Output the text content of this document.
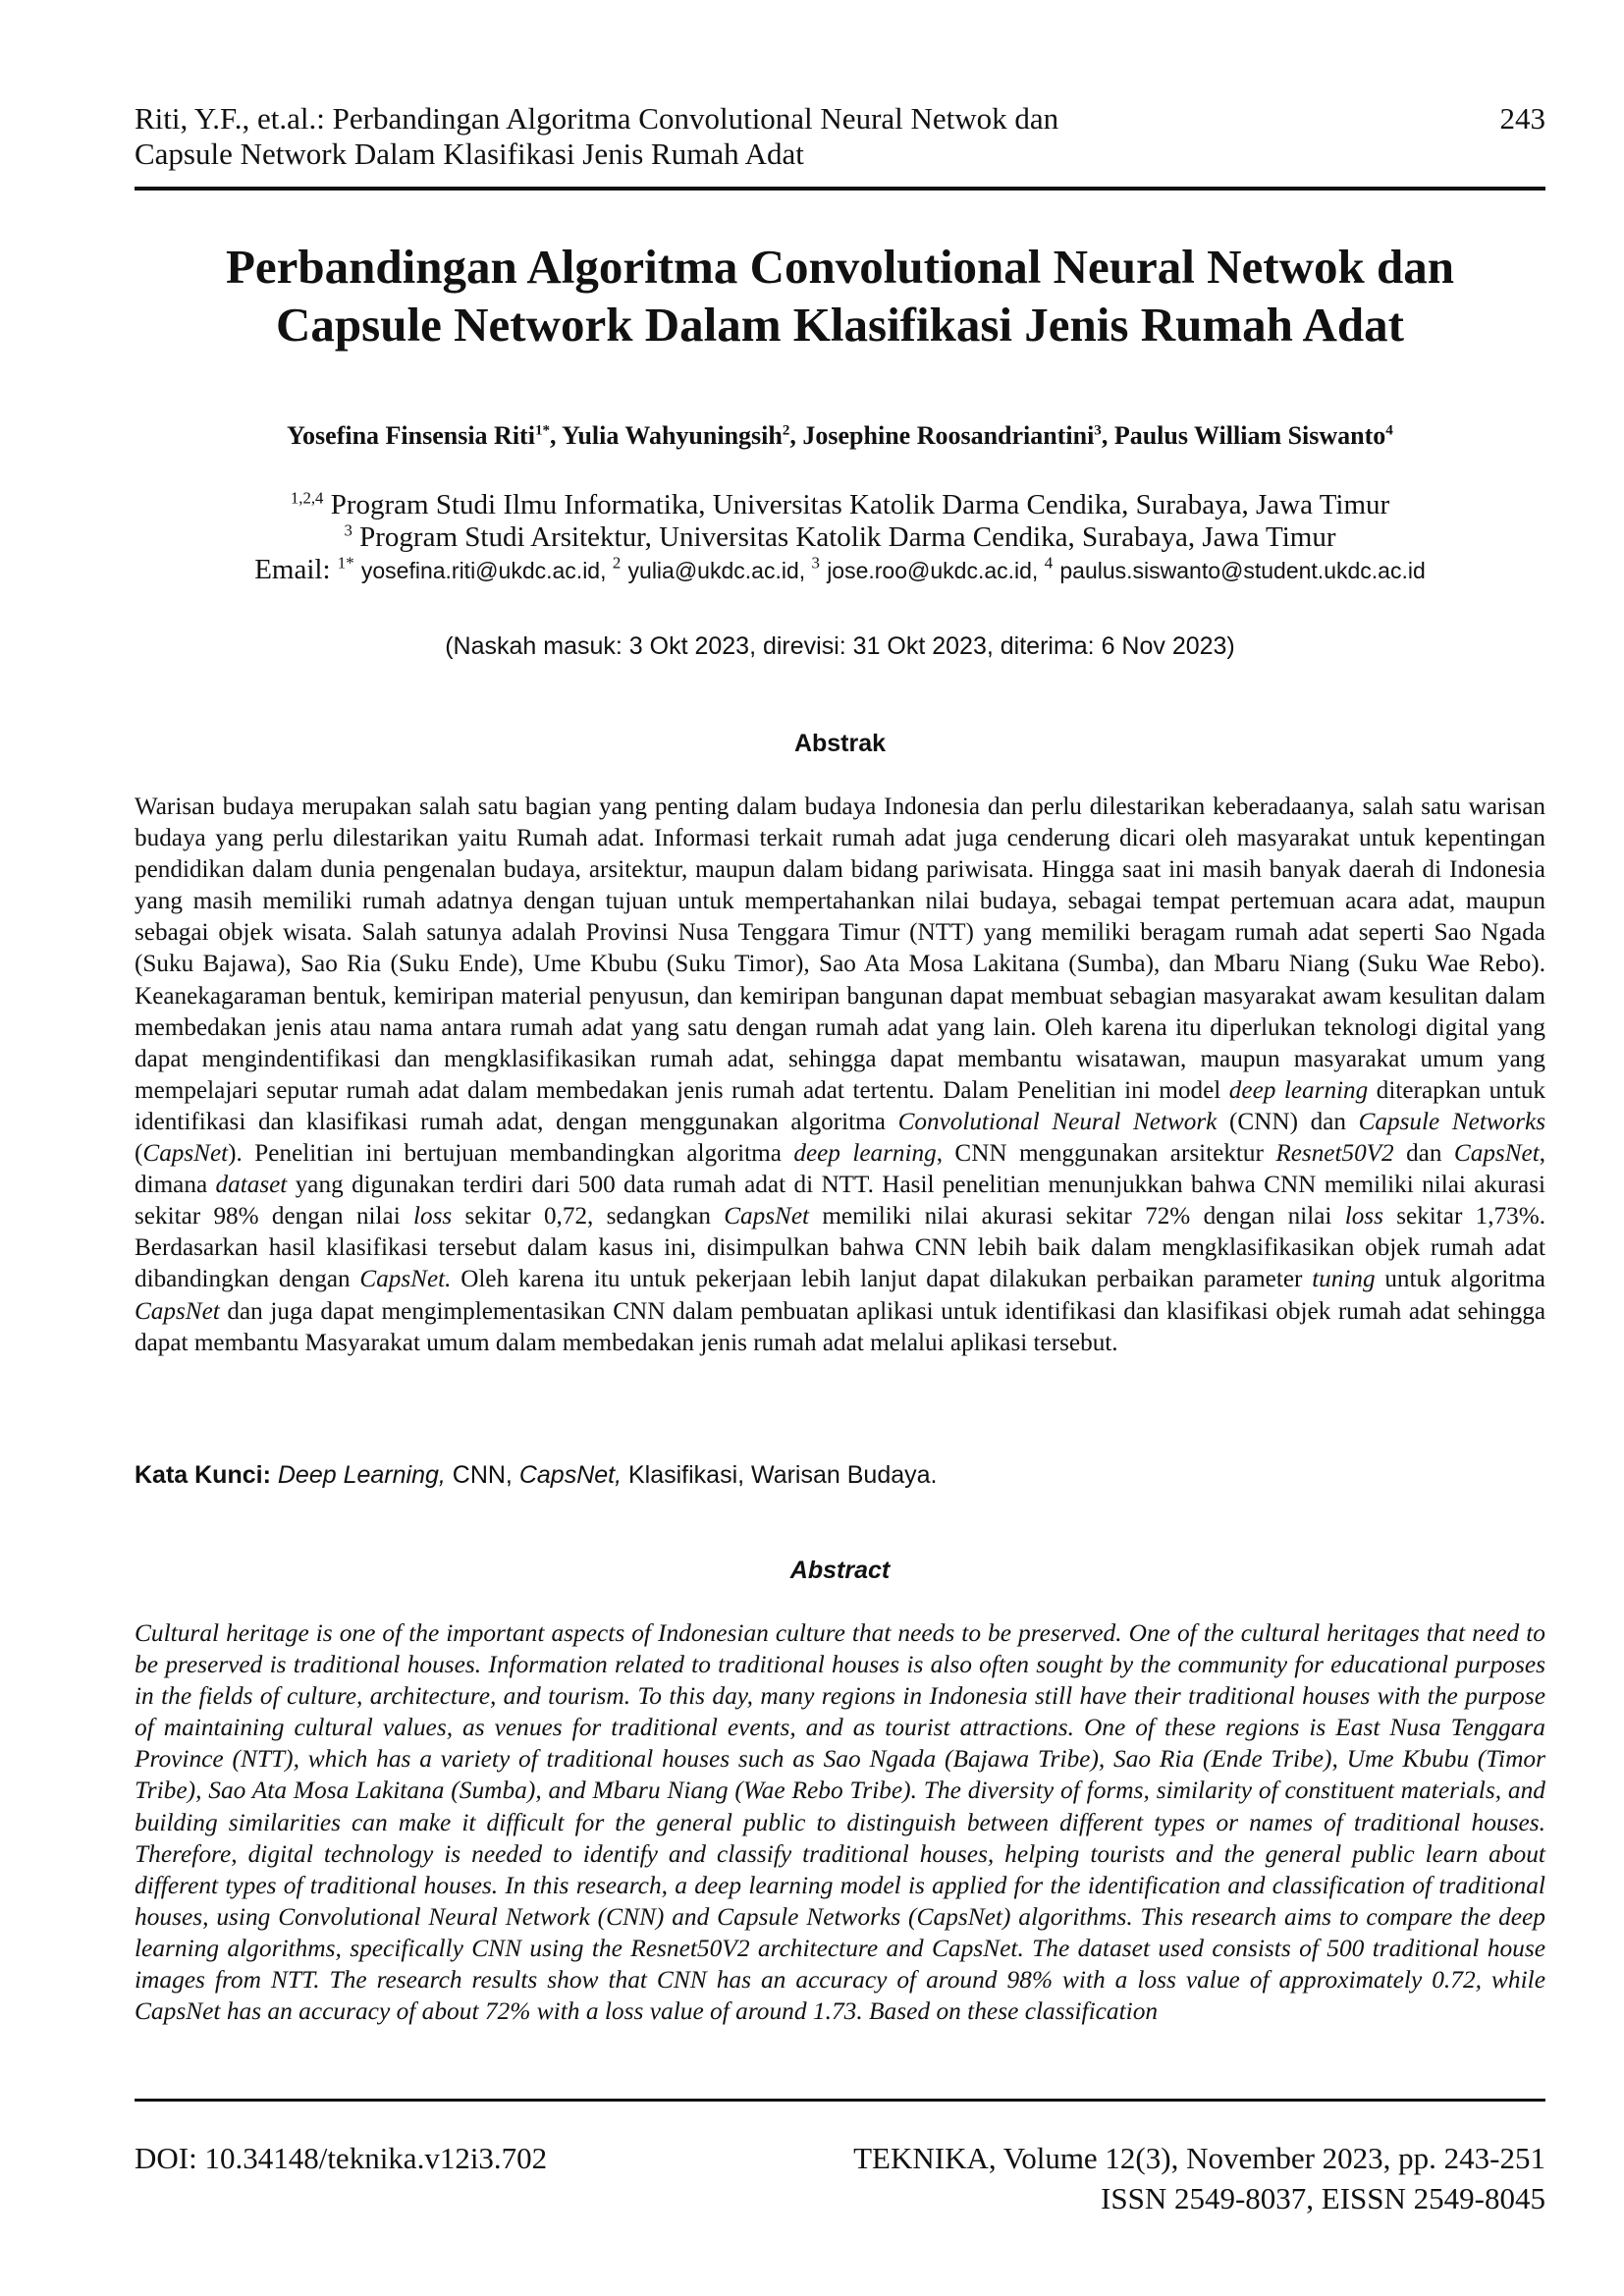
Riti, Y.F., et.al.: Perbandingan Algoritma Convolutional Neural Netwok dan
Capsule Network Dalam Klasifikasi Jenis Rumah Adat
243
Perbandingan Algoritma Convolutional Neural Netwok dan
Capsule Network Dalam Klasifikasi Jenis Rumah Adat
Yosefina Finsensia Riti$^{1*}$, Yulia Wahyuningsih$^2$, Josephine Roosandriantini$^3$, Paulus William Siswanto$^4$
$^{1,2,4}$ Program Studi Ilmu Informatika, Universitas Katolik Darma Cendika, Surabaya, Jawa Timur
$^3$ Program Studi Arsitektur, Universitas Katolik Darma Cendika, Surabaya, Jawa Timur
Email: $^{1*}$ yosefina.riti@ukdc.ac.id, $^2$ yulia@ukdc.ac.id, $^3$ jose.roo@ukdc.ac.id, $^4$ paulus.siswanto@student.ukdc.ac.id
(Naskah masuk: 3 Okt 2023, direvisi: 31 Okt 2023, diterima: 6 Nov 2023)
Abstrak
Warisan budaya merupakan salah satu bagian yang penting dalam budaya Indonesia dan perlu dilestarikan keberadaanya, salah satu warisan budaya yang perlu dilestarikan yaitu Rumah adat. Informasi terkait rumah adat juga cenderung dicari oleh masyarakat untuk kepentingan pendidikan dalam dunia pengenalan budaya, arsitektur, maupun dalam bidang pariwisata. Hingga saat ini masih banyak daerah di Indonesia yang masih memiliki rumah adatnya dengan tujuan untuk mempertahankan nilai budaya, sebagai tempat pertemuan acara adat, maupun sebagai objek wisata. Salah satunya adalah Provinsi Nusa Tenggara Timur (NTT) yang memiliki beragam rumah adat seperti Sao Ngada (Suku Bajawa), Sao Ria (Suku Ende), Ume Kbubu (Suku Timor), Sao Ata Mosa Lakitana (Sumba), dan Mbaru Niang (Suku Wae Rebo). Keanekagaraman bentuk, kemiripan material penyusun, dan kemiripan bangunan dapat membuat sebagian masyarakat awam kesulitan dalam membedakan jenis atau nama antara rumah adat yang satu dengan rumah adat yang lain. Oleh karena itu diperlukan teknologi digital yang dapat mengindentifikasi dan mengklasifikasikan rumah adat, sehingga dapat membantu wisatawan, maupun masyarakat umum yang mempelajari seputar rumah adat dalam membedakan jenis rumah adat tertentu. Dalam Penelitian ini model deep learning diterapkan untuk identifikasi dan klasifikasi rumah adat, dengan menggunakan algoritma Convolutional Neural Network (CNN) dan Capsule Networks (CapsNet). Penelitian ini bertujuan membandingkan algoritma deep learning, CNN menggunakan arsitektur Resnet50V2 dan CapsNet, dimana dataset yang digunakan terdiri dari 500 data rumah adat di NTT. Hasil penelitian menunjukkan bahwa CNN memiliki nilai akurasi sekitar 98% dengan nilai loss sekitar 0,72, sedangkan CapsNet memiliki nilai akurasi sekitar 72% dengan nilai loss sekitar 1,73%. Berdasarkan hasil klasifikasi tersebut dalam kasus ini, disimpulkan bahwa CNN lebih baik dalam mengklasifikasikan objek rumah adat dibandingkan dengan CapsNet. Oleh karena itu untuk pekerjaan lebih lanjut dapat dilakukan perbaikan parameter tuning untuk algoritma CapsNet dan juga dapat mengimplementasikan CNN dalam pembuatan aplikasi untuk identifikasi dan klasifikasi objek rumah adat sehingga dapat membantu Masyarakat umum dalam membedakan jenis rumah adat melalui aplikasi tersebut.
Kata Kunci: Deep Learning, CNN, CapsNet, Klasifikasi, Warisan Budaya.
Abstract
Cultural heritage is one of the important aspects of Indonesian culture that needs to be preserved. One of the cultural heritages that need to be preserved is traditional houses. Information related to traditional houses is also often sought by the community for educational purposes in the fields of culture, architecture, and tourism. To this day, many regions in Indonesia still have their traditional houses with the purpose of maintaining cultural values, as venues for traditional events, and as tourist attractions. One of these regions is East Nusa Tenggara Province (NTT), which has a variety of traditional houses such as Sao Ngada (Bajawa Tribe), Sao Ria (Ende Tribe), Ume Kbubu (Timor Tribe), Sao Ata Mosa Lakitana (Sumba), and Mbaru Niang (Wae Rebo Tribe). The diversity of forms, similarity of constituent materials, and building similarities can make it difficult for the general public to distinguish between different types or names of traditional houses. Therefore, digital technology is needed to identify and classify traditional houses, helping tourists and the general public learn about different types of traditional houses. In this research, a deep learning model is applied for the identification and classification of traditional houses, using Convolutional Neural Network (CNN) and Capsule Networks (CapsNet) algorithms. This research aims to compare the deep learning algorithms, specifically CNN using the Resnet50V2 architecture and CapsNet. The dataset used consists of 500 traditional house images from NTT. The research results show that CNN has an accuracy of around 98% with a loss value of approximately 0.72, while CapsNet has an accuracy of about 72% with a loss value of around 1.73. Based on these classification
DOI: 10.34148/teknika.v12i3.702	TEKNIKA, Volume 12(3), November 2023, pp. 243-251
ISSN 2549-8037, EISSN 2549-8045
